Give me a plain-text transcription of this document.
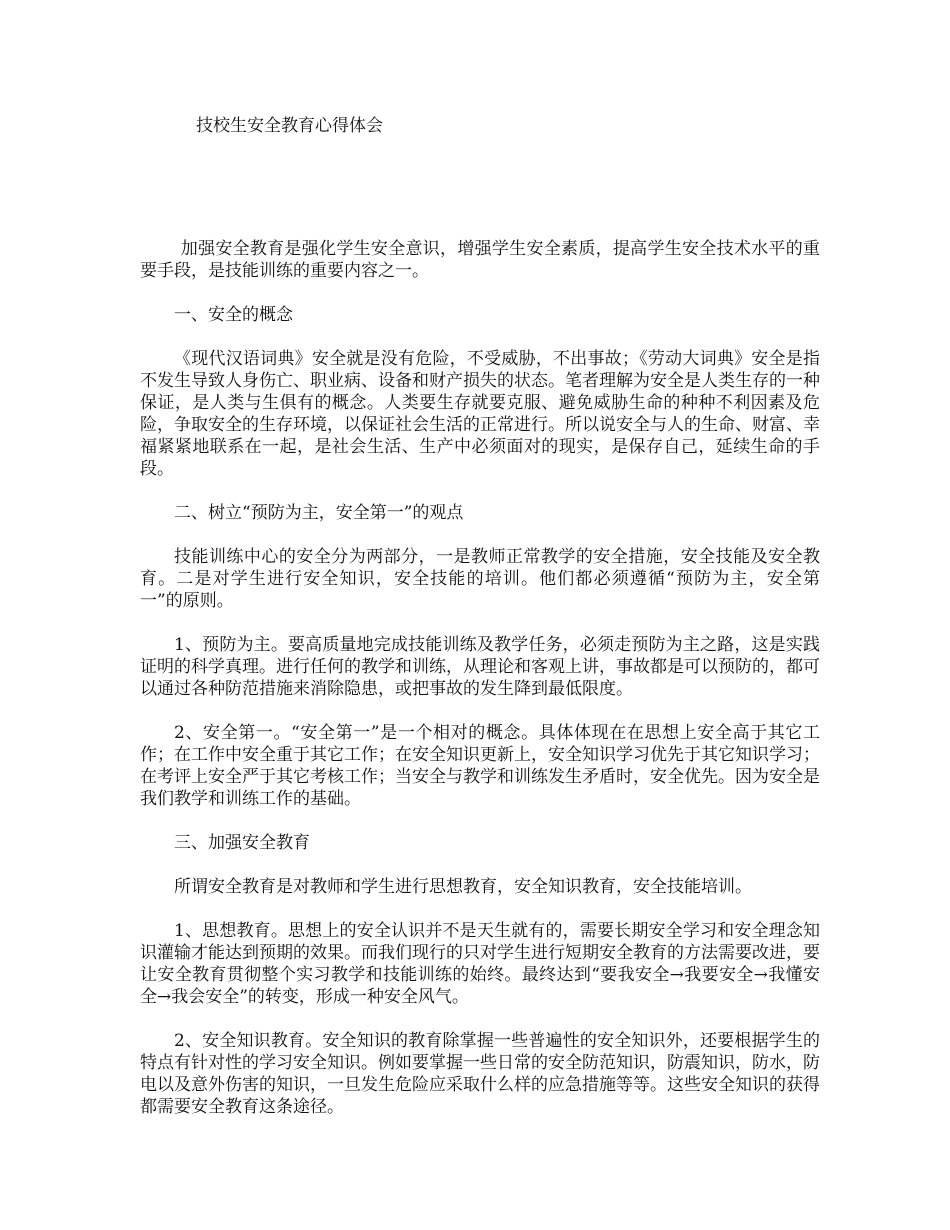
技校生安全教育心得体会

加强安全教育是强化学生安全意识，增强学生安全素质，提高学生安全技术水平的重要手段，是技能训练的重要内容之一。

一、安全的概念

《现代汉语词典》安全就是没有危险，不受威胁，不出事故；《劳动大词典》安全是指不发生导致人身伤亡、职业病、设备和财产损失的状态。笔者理解为安全是人类生存的一种保证，是人类与生俱有的概念。人类要生存就要克服、避免威胁生命的种种不利因素及危险，争取安全的生存环境，以保证社会生活的正常进行。所以说安全与人的生命、财富、幸福紧紧地联系在一起，是社会生活、生产中必须面对的现实，是保存自己，延续生命的手段。

二、树立“预防为主，安全第一”的观点

技能训练中心的安全分为两部分，一是教师正常教学的安全措施，安全技能及安全教育。二是对学生进行安全知识，安全技能的培训。他们都必须遵循“预防为主，安全第一”的原则。

1、预防为主。要高质量地完成技能训练及教学任务，必须走预防为主之路，这是实践证明的科学真理。进行任何的教学和训练，从理论和客观上讲，事故都是可以预防的，都可以通过各种防范措施来消除隐患，或把事故的发生降到最低限度。

2、安全第一。“安全第一”是一个相对的概念。具体体现在在思想上安全高于其它工作；在工作中安全重于其它工作；在安全知识更新上，安全知识学习优先于其它知识学习；在考评上安全严于其它考核工作；当安全与教学和训练发生矛盾时，安全优先。因为安全是我们教学和训练工作的基础。

三、加强安全教育

所谓安全教育是对教师和学生进行思想教育，安全知识教育，安全技能培训。

1、思想教育。思想上的安全认识并不是天生就有的，需要长期安全学习和安全理念知识灌输才能达到预期的效果。而我们现行的只对学生进行短期安全教育的方法需要改进，要让安全教育贯彻整个实习教学和技能训练的始终。最终达到“要我安全→我要安全→我懂安全→我会安全”的转变，形成一种安全风气。

2、安全知识教育。安全知识的教育除掌握一些普遍性的安全知识外，还要根据学生的特点有针对性的学习安全知识。例如要掌握一些日常的安全防范知识，防震知识，防水，防电以及意外伤害的知识，一旦发生危险应采取什么样的应急措施等等。这些安全知识的获得都需要安全教育这条途径。
